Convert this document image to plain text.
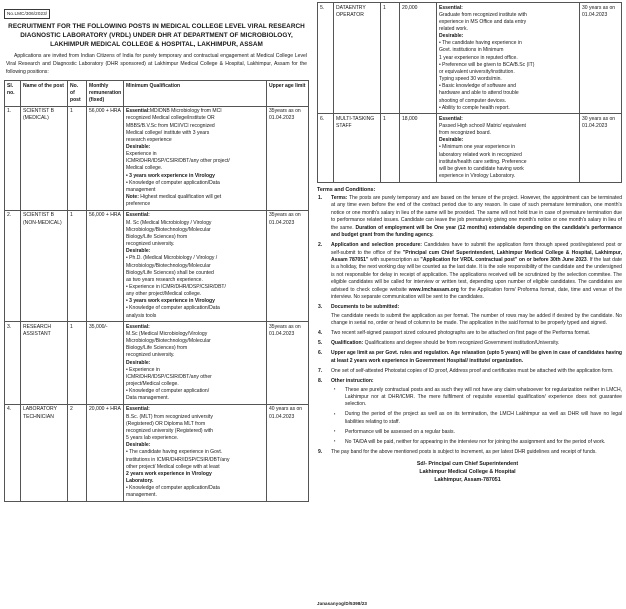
No.LMC/306/2023/
RECRUITMENT FOR THE FOLLOWING POSTS IN MEDICAL COLLEGE LEVEL VIRAL RESEARCH
DIAGNOSTIC LABORATORY (VRDL) UNDER DHR AT DEPARTMENT OF MICROBIOLOGY,
LAKHIMPUR MEDICAL COLLEGE & HOSPITAL, LAKHIMPUR, ASSAM
Applications are invited from Indian Citizens of India for purely temporary and contractual engagement at Medical College Level Viral Research and Diagnostic Laboratory (DHR sponsored) at Lakhimpur Medical College & Hospital, Lakhimpur, Assam for the following positions:
Sl. no.	Name of the post	No. of post	Monthly remuneration (fixed)	Minimum Qualification	Upper age limit
1.	SCIENTIST B (MEDICAL)	1	56,000 + HRA	Essential:MD/DNB Microbiology from MCI
recognized Medical college/institute OR
MBBS/B.V.Sc from MCI/VCI recognized
Medical college/ institute with 3 years
research experience
Desirable:
Experience in
ICMR/DHR/IDSP/CSIR/DBT/any other project/
Medical college.
• 3 years work experience in Virology
• Knowledge of computer application/Data
management
Note: Highest medical qualification will get
preference
	35years as on 01.04.2023
2.	SCIENTIST B (NON-MEDICAL)	1	56,000 + HRA	Essential:
M. Sc (Medical Microbiology / Virology
Microbiology/Biotechnology/Molecular
Biology/Life Sciences) from
recognized university.
Desirable:
• Ph.D. (Medical Microbiology / Virology /
Microbiology/Biotechnology/Molecular
Biology/Life Sciences) shall be counted
as two years research experience.
• Experience in ICMR/DHR/IDSP/CSIR/DBT/
any other project/Medical college.
• 3 years work experience in Virology
• Knowledge of computer application/Data
analysis tools
	35years as on 01.04.2023
3.	RESEARCH ASSISTANT	1	35,000/-	Essential:
M.Sc (Medical Microbiology/Virology
Microbiology/Biotechnology/Molecular
Biology/Life Sciences) from
recognized university.
Desirable:
• Experience in
ICMR/DHR/IDSP/CSIR/DBT/any other
project/Medical college.
• Knowledge of computer application/
Data management.
	35years as on 01.04.2023
4.	LABORATORY TECHNICIAN	2	20,000 + HRA	Essential:
B.Sc. (MLT) from recognized university
(Registered) OR Diploma MLT from
recognized university (Registered) with
5 years lab experience.
Desirable:
• The candidate having experience in Govt.
institutions in ICMR/DHR/IDSP/CSIR/DBT/any
other project/ Medical college with at least
2 years work experience in Virology
Laboratory.
• Knowledge of computer application/Data
management.
	40 years as on 01.04.2023
5.	DATAENTRY OPERATOR	1	20,000	Essential:
Graduate from recognized institute with
experience in MS Office and data entry
related work.
Desirable:
• The candidate having experience in
Govt. institutions in Minimum
1 year experience in reputed office.
• Preference will be given to BCA/B.Sc (IT)
or equivalent university/institution.
Typing speed 30 words/min.
• Basic knowledge of software and
hardware and able to attend trouble
shooting of computer devices.
• Ability to comple health report.
	30 years as on 01.04.2023
6.	MULTI-TASKING STAFF	1	18,000	Essential:
Passed High school/ Matric/ equivalent
from recognized board.
Desirable:
• Minimum one year experience in
laboratory related work in recognized
institute/health care setting. Preference
will be given to candidate having work
experience in Virology Laboratory.
	30 years as on 01.04.2023
Terms and Conditions:
1.	Terms: The posts are purely temporary and are based on the tenure of the project. However, the appointment can be terminated at any time even before the end of the contract period due to any reason. In case of such premature termination, one month's notice or one month's salary in lieu of the same will be provided. The same will not hold true in case of premature termination due to performance related issues. Candidate can leave the job prematurely giving one month's notice or one month's salary in lieu of the same. Duration of employment will be One year (12 months) extendable depending on the candidate's performance and budget grant from the funding agency.
2.	Application and selection procedure: Candidates have to submit the application form through speed post/registered post or self-submit to the office of the "Principal cum Chief Superintendent, Lakhimpur Medical College & Hospital, Lakhimpur, Assam 787051" with superscription as "Application for VRDL contractual post" on or before 30th June 2023. If the last date is a holiday, the next working day will be counted as the last date. It is the sole responsibility of the candidate and the undersigned is not responsible for delay in receipt of application. The applications received will be scrutinized by the selection commitee. The eligible candidates will be called for interview or written test, depending upon number of eligible candidates. The candidates are advised to check college website www.lmchassam.org for the Application form/ Proforma format, date, time and venue of the interview. No separate communication will be sent to the candidates.
3.	Documents to be submitted:
The candidate needs to submit the application as per format. The number of rows may be added if desired by the candidate. No change in serial no, order or head of column to be made. The application in the said format to be properly typed and signed.
4.	Two recent self-signed passport sized coloured photographs are to be attached on first page of the Performa format.
5.	Qualification: Qualifications and degree should be from recognized Government institution/University.
6.	Upper age limit as per Govt. rules and regulation. Age relaxation (upto 5 years) will be given in case of candidates having at least 2 years work experience in Government Hospital/ institute/ organization.
7.	One set of self-attested Photostat copies of ID proof, Address proof and certificates must be attached with the application form.
8.	Other instruction:
▪ These are purely contractual posts and as such they will not have any claim whatsoever for regularization neither in LMCH, Lakhimpur nor at DHR/ICMR. The mere fulfilment of requisite essential qualification/ experience does not guarantee selection.
▪ During the period of the project as well as on its termination, the LMCH Lakhimpur as well as DHR will have no legal liabilities relating to staff.
▪ Performance will be assessed on a regular basis.
▪ No TA/DA will be paid, neither for appearing in the interview nor for joining the assignment and for the period of work.
9.	The pay band for the above mentioned posts is subject to increment, as per latest DHR guidelines and receipt of funds.
Sd/- Principal cum Chief Superintendent
Lakhimpur Medical College & Hospital
Lakhimpur, Assam-787051
Janasanyog/D/5398/23
